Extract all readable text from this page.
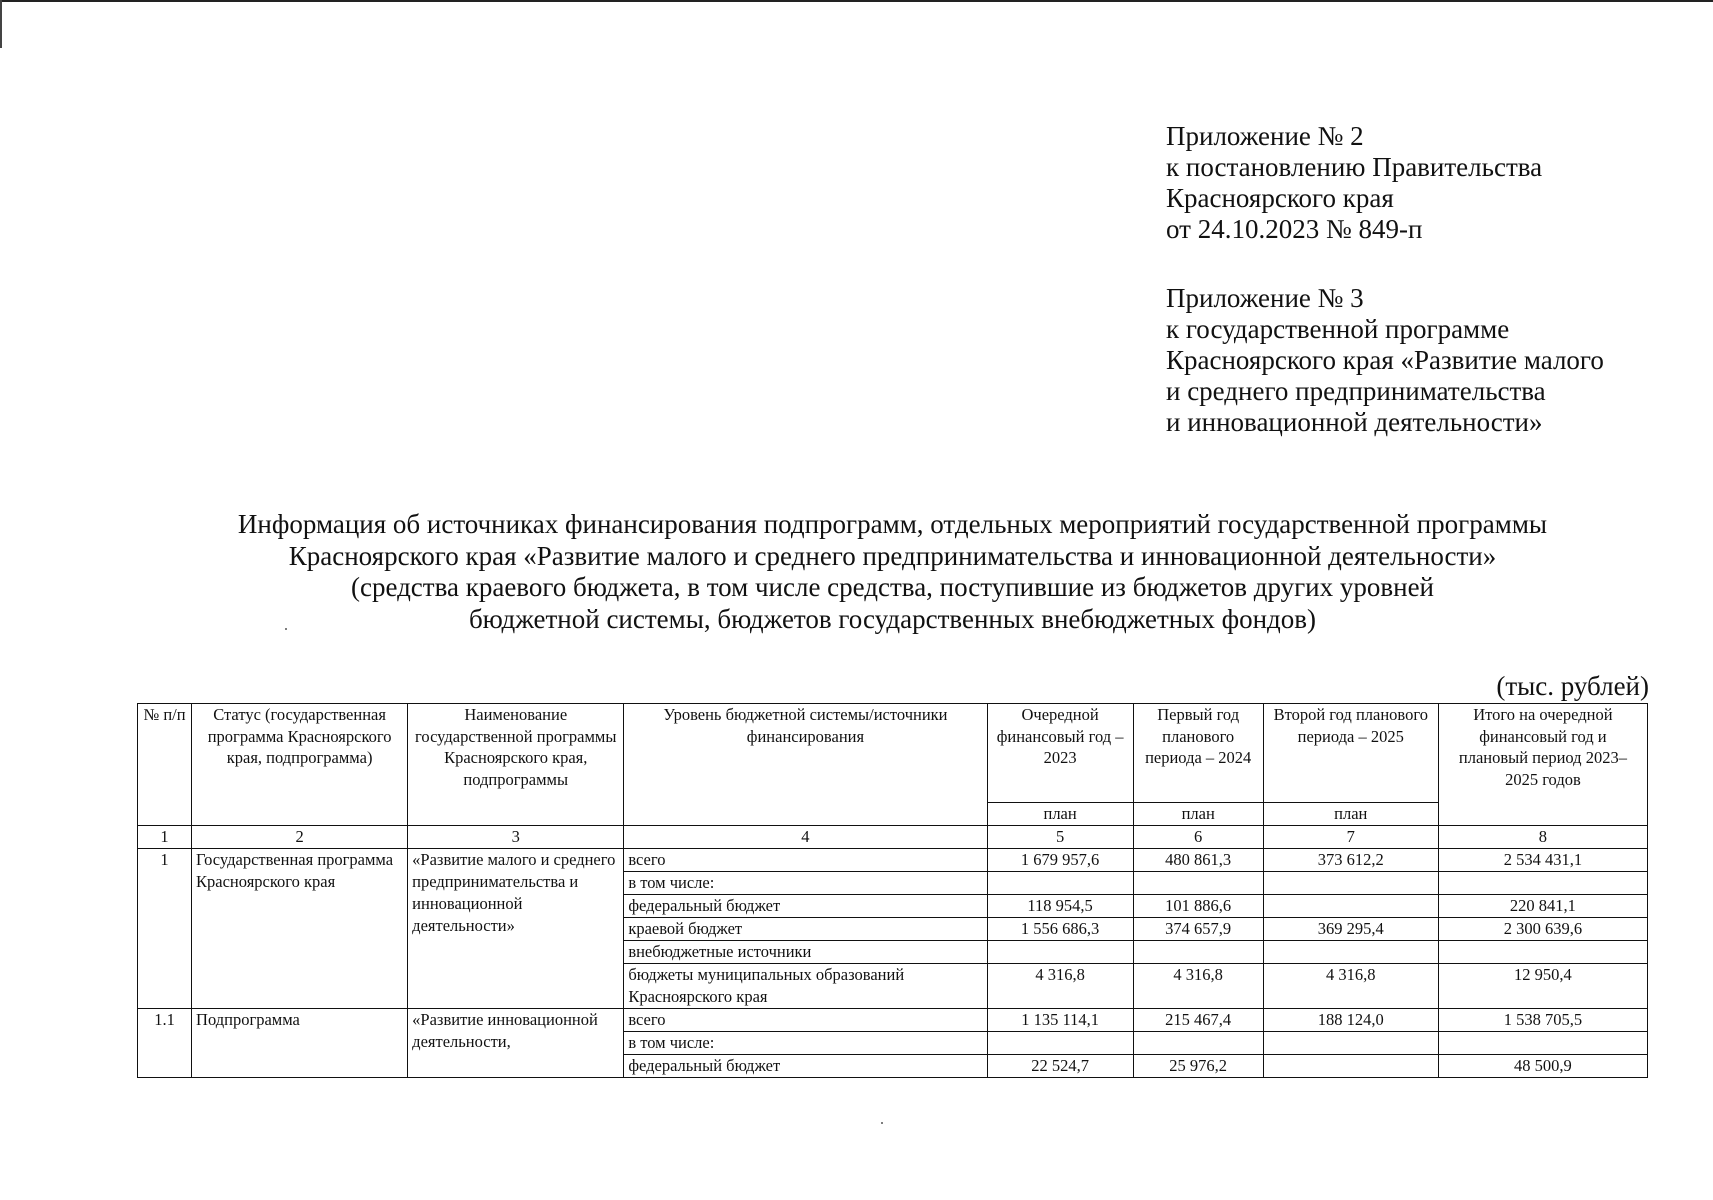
Приложение № 2
к постановлению Правительства
Красноярского края
от 24.10.2023 № 849-п
Приложение № 3
к государственной программе
Красноярского края «Развитие малого
и среднего предпринимательства
и инновационной деятельности»
Информация об источниках финансирования подпрограмм, отдельных мероприятий государственной программы
Красноярского края «Развитие малого и среднего предпринимательства и инновационной деятельности»
(средства краевого бюджета, в том числе средства, поступившие из бюджетов других уровней
бюджетной системы, бюджетов государственных внебюджетных фондов)
(тыс. рублей)
№ п/п	Статус (государственная программа Красноярского края, подпрограмма)	Наименование государственной программы Красноярского края, подпрограммы	Уровень бюджетной системы/источники финансирования	Очередной финансовый год – 2023	Первый год планового периода – 2024	Второй год планового периода – 2025	Итого на очередной финансовый год и плановый период 2023–2025 годов
				план	план	план	
1	2	3	4	5	6	7	8
1	Государственная программа Красноярского края	«Развитие малого и среднего предпринимательства и инновационной деятельности»	всего	1 679 957,6	480 861,3	373 612,2	2 534 431,1
			в том числе:				
			федеральный бюджет	118 954,5	101 886,6		220 841,1
			краевой бюджет	1 556 686,3	374 657,9	369 295,4	2 300 639,6
			внебюджетные источники				
			бюджеты муниципальных образований Красноярского края	4 316,8	4 316,8	4 316,8	12 950,4
1.1	Подпрограмма	«Развитие инновационной деятельности,	всего	1 135 114,1	215 467,4	188 124,0	1 538 705,5
			в том числе:				
			федеральный бюджет	22 524,7	25 976,2		48 500,9
